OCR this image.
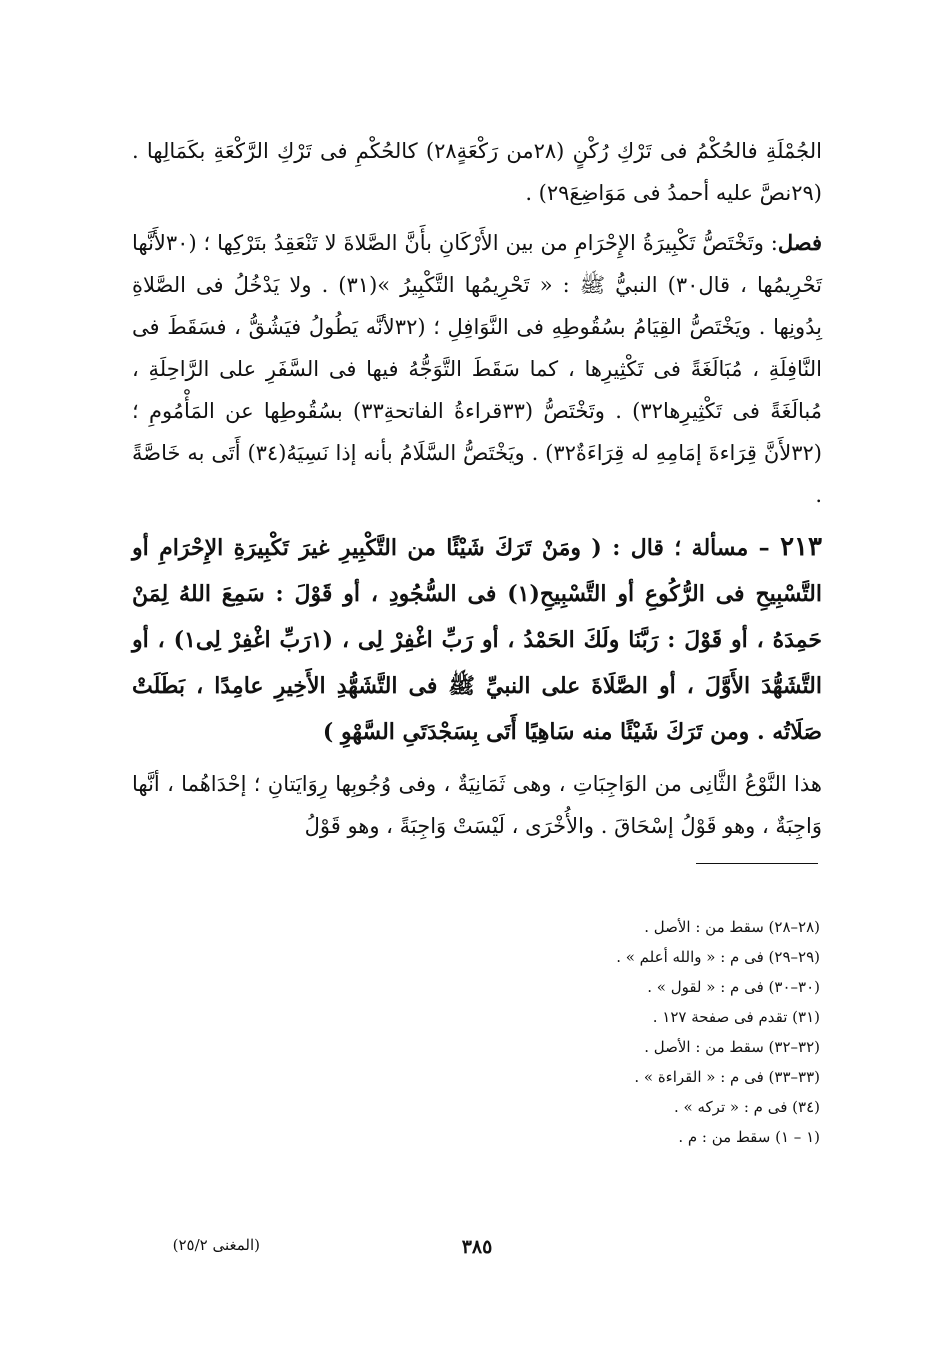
الجُمْلَةِ فالحُكْمُ فى تَرْكِ رُكْنٍ (٢٨من رَكْعَةٍ٢٨) كالحُكْمِ فى تَرْكِ الرَّكْعَةِ بكَمَالِها . (٢٩نصَّ عليه أحمدُ فى مَوَاضِعَ٢٩) .

فصل: وتَخْتَصُّ تَكْبِيرَةُ الإِحْرَامِ من بين الأَرْكَانِ بأَنَّ الصَّلاةَ لا تَنْعَقِدُ بتَرْكِها ؛ (٣٠لأَنَّها تَحْرِيمُها ، قال٣٠) النبيُّ ﷺ : « تَحْرِيمُها التَّكْبِيرُ »(٣١) . ولا يَدْخُلُ فى الصَّلاةِ بِدُونِها . ويَخْتَصُّ القِيَامُ بسُقُوطِهِ فى النَّوَافِلِ ؛ (٣٢لأنَّه يَطُولُ فيَشُقُّ ، فسَقَطَ فى النَّافِلَةِ ، مُبَالَغَةً فى تَكْثِيرِها ، كما سَقَطَ التَّوَجُّهُ فيها فى السَّفَرِ على الرَّاحِلَةِ ، مُبالَغَةً فى تَكْثِيرِها٣٢) . وتَخْتَصُّ (٣٣قراءةُ الفاتحةِ٣٣) بسُقُوطِها عن المَأْمُومِ ؛ (٣٢لأَنَّ قِرَاءةَ إمَامِهِ له قِرَاءَةٌ٣٢) . ويَخْتَصُّ السَّلَامُ بأنه إذا نَسِيَهُ(٣٤) أَتَى به خَاصَّةً .

٢١٣ – مسألة ؛ قال : ( ومَنْ تَرَكَ شَيْئًا من التَّكْبِيرِ غيرَ تَكْبِيرَةِ الإِحْرَامِ أو التَّسْبِيحِ فى الرُّكُوعِ أو التَّسْبِيحِ(١) فى السُّجُودِ ، أو قَوْلَ : سَمِعَ اللهُ لِمَنْ حَمِدَهُ ، أو قَوْلَ : رَبَّنَا ولَكَ الحَمْدُ ، أو رَبِّ اغْفِرْ لِى ، (١رَبِّ اغْفِرْ لِى١) ، أو التَّشَهُّدَ الأَوَّلَ ، أو الصَّلَاةَ على النبيِّ ﷺ فى التَّشَهُّدِ الأَخِيرِ عامِدًا ، بَطَلَتْ صَلَاتُه . ومن تَرَكَ شَيْئًا منه سَاهِيًا أَتَى بِسَجْدَتَىِ السَّهْوِ )

هذا النَّوْعُ الثَّانِى من الوَاجِبَاتِ ، وهى ثَمَانِيَةٌ ، وفى وُجُوبِها رِوَايَتانِ ؛ إحْدَاهُما ، أنَّها وَاجِبَةٌ ، وهو قَوْلُ إسْحَاقَ . والأُخْرَى ، لَيْسَتْ وَاجِبَةً ، وهو قَوْلُ

(٢٨–٢٨) سقط من : الأصل .

(٢٩–٢٩) فى م : « والله أعلم » .

(٣٠–٣٠) فى م : « لقول » .

(٣١) تقدم فى صفحة ١٢٧ .

(٣٢–٣٢) سقط من : الأصل .

(٣٣–٣٣) فى م : « القراءة » .

(٣٤) فى م : « تركه » .

(١ – ١) سقط من : م .

٣٨٥
(المغنى ٢٥/٢)
